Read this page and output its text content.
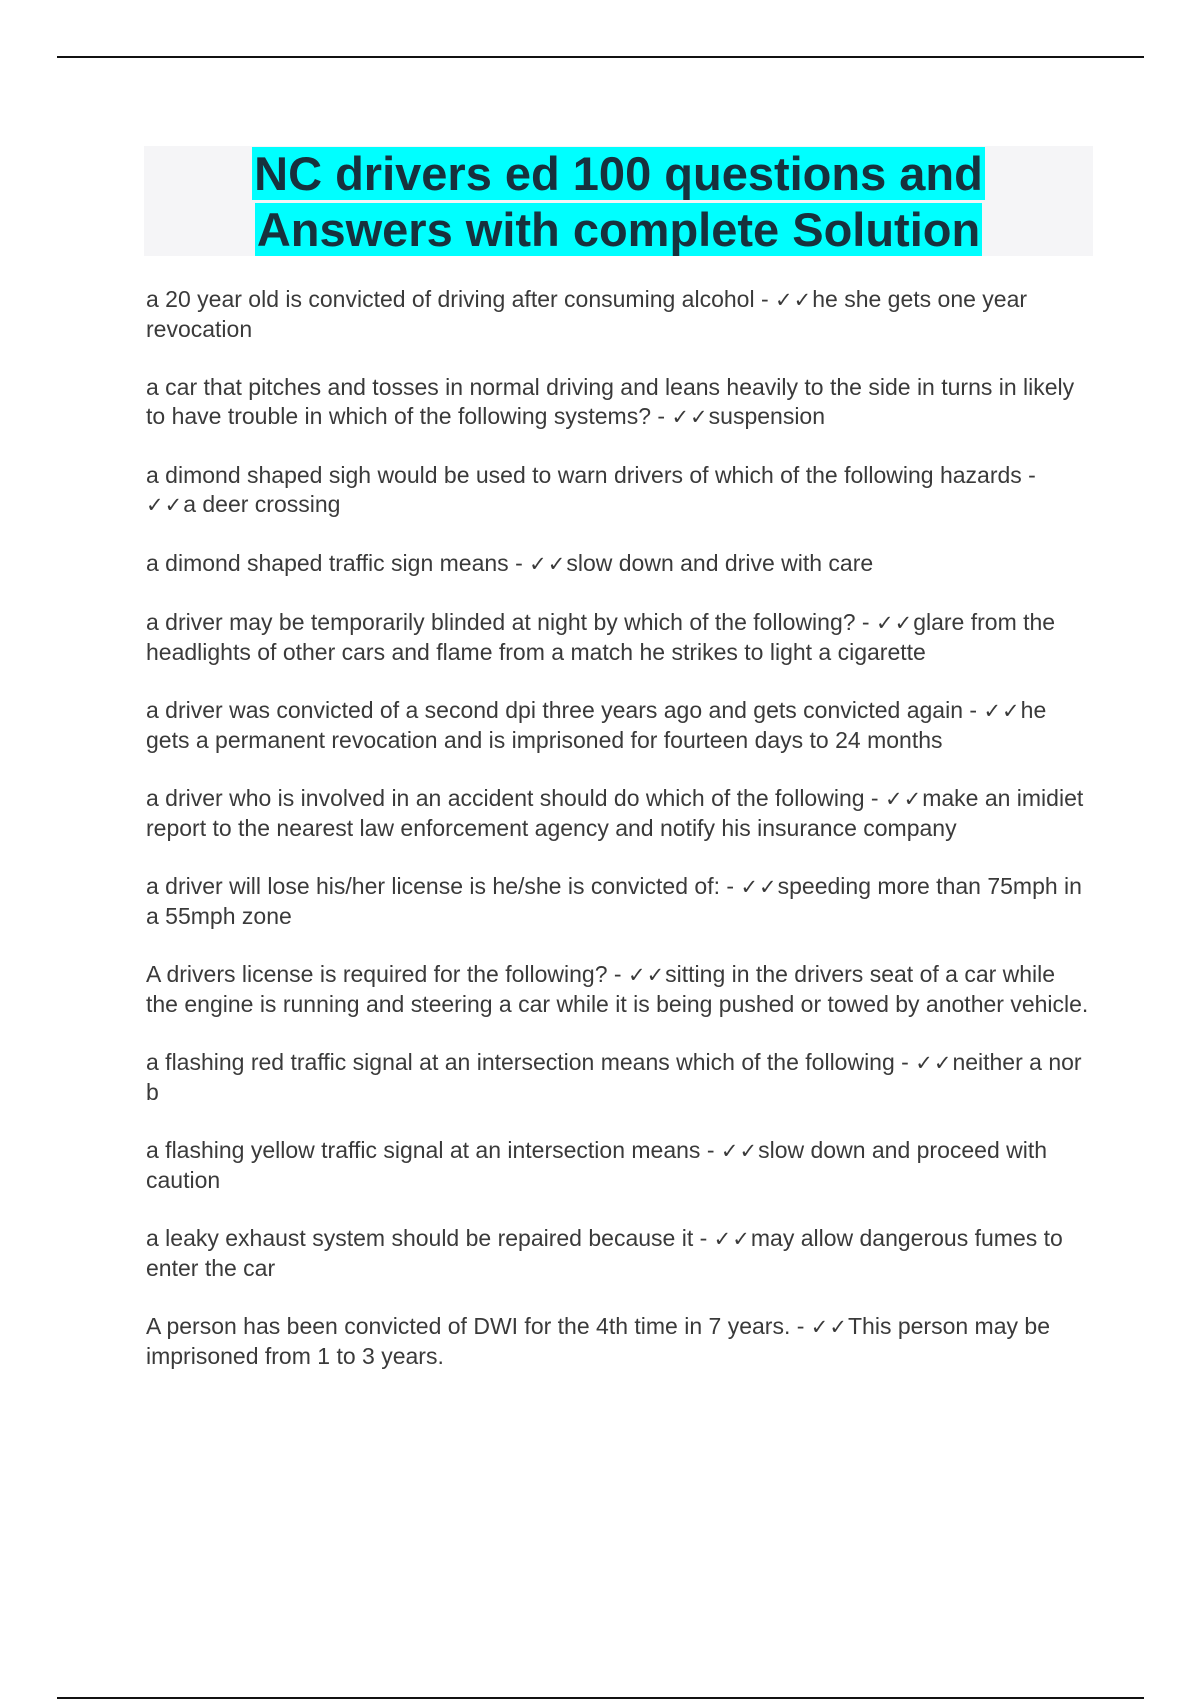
NC drivers ed 100 questions and
Answers with complete Solution

a 20 year old is convicted of driving after consuming alcohol - ✓✓he she gets one year revocation

a car that pitches and tosses in normal driving and leans heavily to the side in turns in likely to have trouble in which of the following systems? - ✓✓suspension

a dimond shaped sigh would be used to warn drivers of which of the following hazards - ✓✓a deer crossing

a dimond shaped traffic sign means - ✓✓slow down and drive with care

a driver may be temporarily blinded at night by which of the following? - ✓✓glare from the headlights of other cars and flame from a match he strikes to light a cigarette

a driver was convicted of a second dpi three years ago and gets convicted again - ✓✓he gets a permanent revocation and is imprisoned for fourteen days to 24 months

a driver who is involved in an accident should do which of the following - ✓✓make an imidiet report to the nearest law enforcement agency and notify his insurance company

a driver will lose his/her license is he/she is convicted of: - ✓✓speeding more than 75mph in a 55mph zone

A drivers license is required for the following? - ✓✓sitting in the drivers seat of a car while the engine is running and steering a car while it is being pushed or towed by another vehicle.

a flashing red traffic signal at an intersection means which of the following - ✓✓neither a nor b

a flashing yellow traffic signal at an intersection means - ✓✓slow down and proceed with caution

a leaky exhaust system should be repaired because it - ✓✓may allow dangerous fumes to enter the car

A person has been convicted of DWI for the 4th time in 7 years. - ✓✓This person may be imprisoned from 1 to 3 years.
